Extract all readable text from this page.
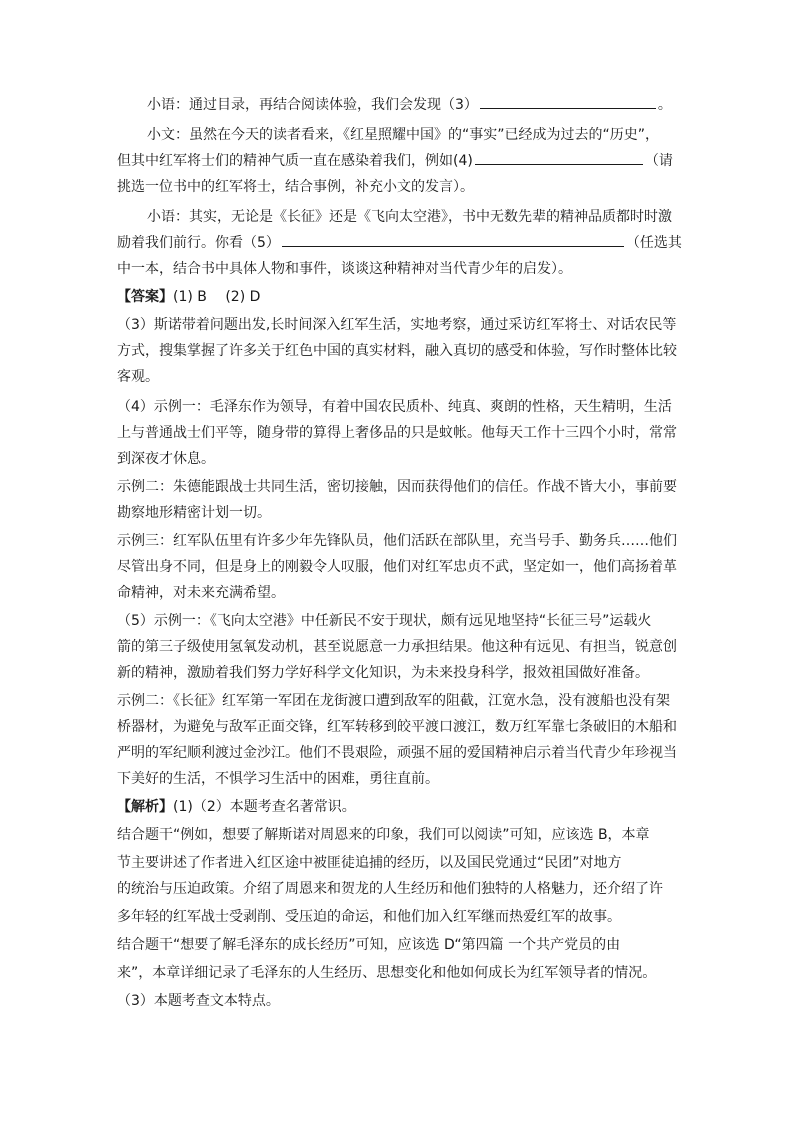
小语：通过目录，再结合阅读体验，我们会发现（3）	。
小文：虽然在今天的读者看来，《红星照耀中国》的“事实”已经成为过去的“历史”，
但其中红军将士们的精神气质一直在感染着我们，例如(4)	（请
挑选一位书中的红军将士，结合事例，补充小文的发言）。
小语：其实，无论是《长征》还是《飞向太空港》，书中无数先辈的精神品质都时时激
励着我们前行。你看（5）	（任选其
中一本，结合书中具体人物和事件，谈谈这种精神对当代青少年的启发）。
【答案】(1) B　 (2) D
（3）斯诺带着问题出发,长时间深入红军生活，实地考察，通过采访红军将士、对话农民等
方式，搜集掌握了许多关于红色中国的真实材料，融入真切的感受和体验，写作时整体比较
客观。
（4）示例一：毛泽东作为领导，有着中国农民质朴、纯真、爽朗的性格，天生精明，生活
上与普通战士们平等，随身带的算得上奢侈品的只是蚊帐。他每天工作十三四个小时，常常
到深夜才休息。
示例二：朱德能跟战士共同生活，密切接触，因而获得他们的信任。作战不皆大小，事前要
勘察地形精密计划一切。
示例三：红军队伍里有许多少年先锋队员，他们活跃在部队里，充当号手、勤务兵……他们
尽管出身不同，但是身上的刚毅令人叹服，他们对红军忠贞不武，坚定如一，他们高扬着革
命精神，对未来充满希望。
（5）示例一：《飞向太空港》中任新民不安于现状，颇有远见地坚持“长征三号”运载火
箭的第三子级使用氢氧发动机，甚至说愿意一力承担结果。他这种有远见、有担当，锐意创
新的精神，激励着我们努力学好科学文化知识，为未来投身科学，报效祖国做好准备。
示例二：《长征》红军第一军团在龙街渡口遭到敌军的阻截，江宽水急，没有渡船也没有架
桥器材，为避免与敌军正面交锋，红军转移到皎平渡口渡江，数万红军靠七条破旧的木船和
严明的军纪顺利渡过金沙江。他们不畏艰险，顽强不屈的爱国精神启示着当代青少年珍视当
下美好的生活，不惧学习生活中的困难，勇往直前。
【解析】(1)（2）本题考查名著常识。
结合题干“例如，想要了解斯诺对周恩来的印象，我们可以阅读”可知，应该选 B，本章
节主要讲述了作者进入红区途中被匪徒追捕的经历，以及国民党通过“民团”对地方
的统治与压迫政策。介绍了周恩来和贺龙的人生经历和他们独特的人格魅力，还介绍了许
多年轻的红军战士受剥削、受压迫的命运，和他们加入红军继而热爱红军的故事。
结合题干“想要了解毛泽东的成长经历”可知，应该选 D“第四篇 一个共产党员的由
来”，本章详细记录了毛泽东的人生经历、思想变化和他如何成长为红军领导者的情况。
（3）本题考查文本特点。
